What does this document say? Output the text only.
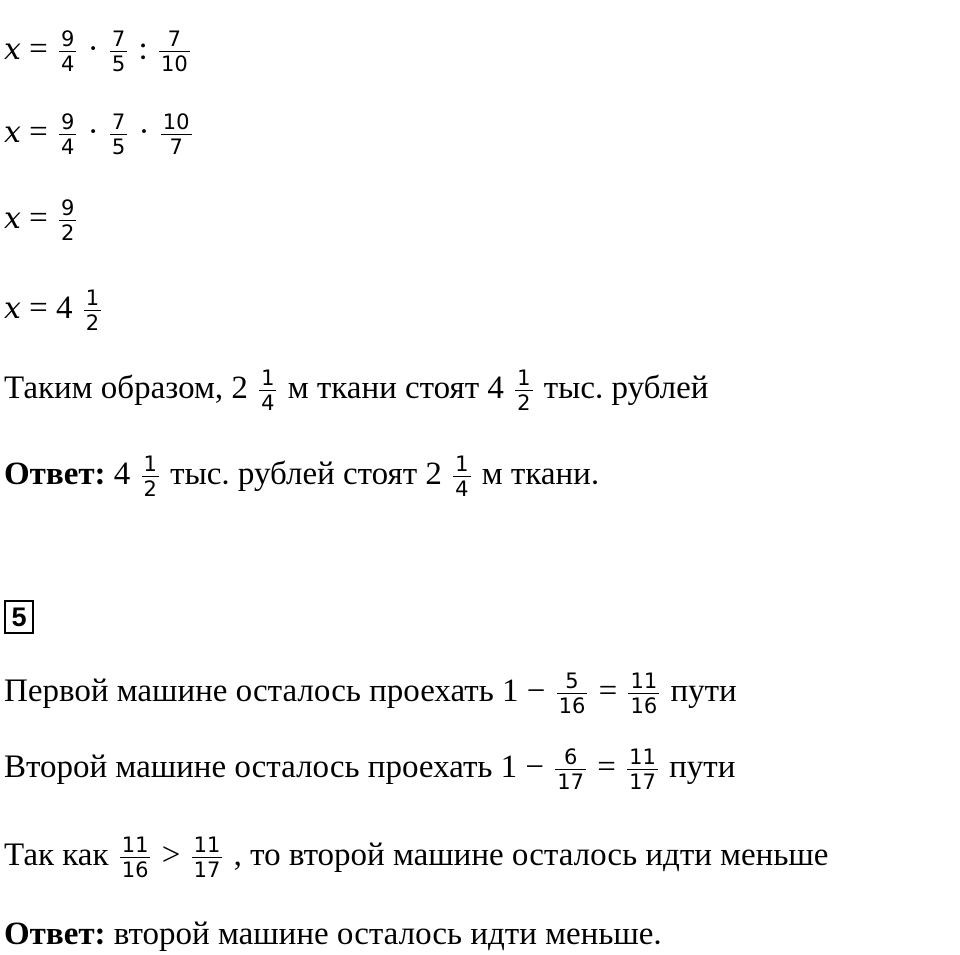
$x = \frac{9}{4} \cdot \frac{7}{5}$ : $\frac{7}{10}$
$x = \frac{9}{4} \cdot \frac{7}{5} \cdot \frac{10}{7}$
$x = \frac{9}{2}$
$x = 4 \frac{1}{2}$
Таким образом, $2 \frac{1}{4}$ м ткани стоят $4 \frac{1}{2}$ тыс. рублей
Ответ: $4 \frac{1}{2}$ тыс. рублей стоят $2 \frac{1}{4}$ м ткани.
5
Первой машине осталось проехать $1 - \frac{5}{16} = \frac{11}{16}$ пути
Второй машине осталось проехать $1 - \frac{6}{17} = \frac{11}{17}$ пути
Так как $\frac{11}{16} > \frac{11}{17}$ , то второй машине осталось идти меньше
Ответ: второй машине осталось идти меньше.
